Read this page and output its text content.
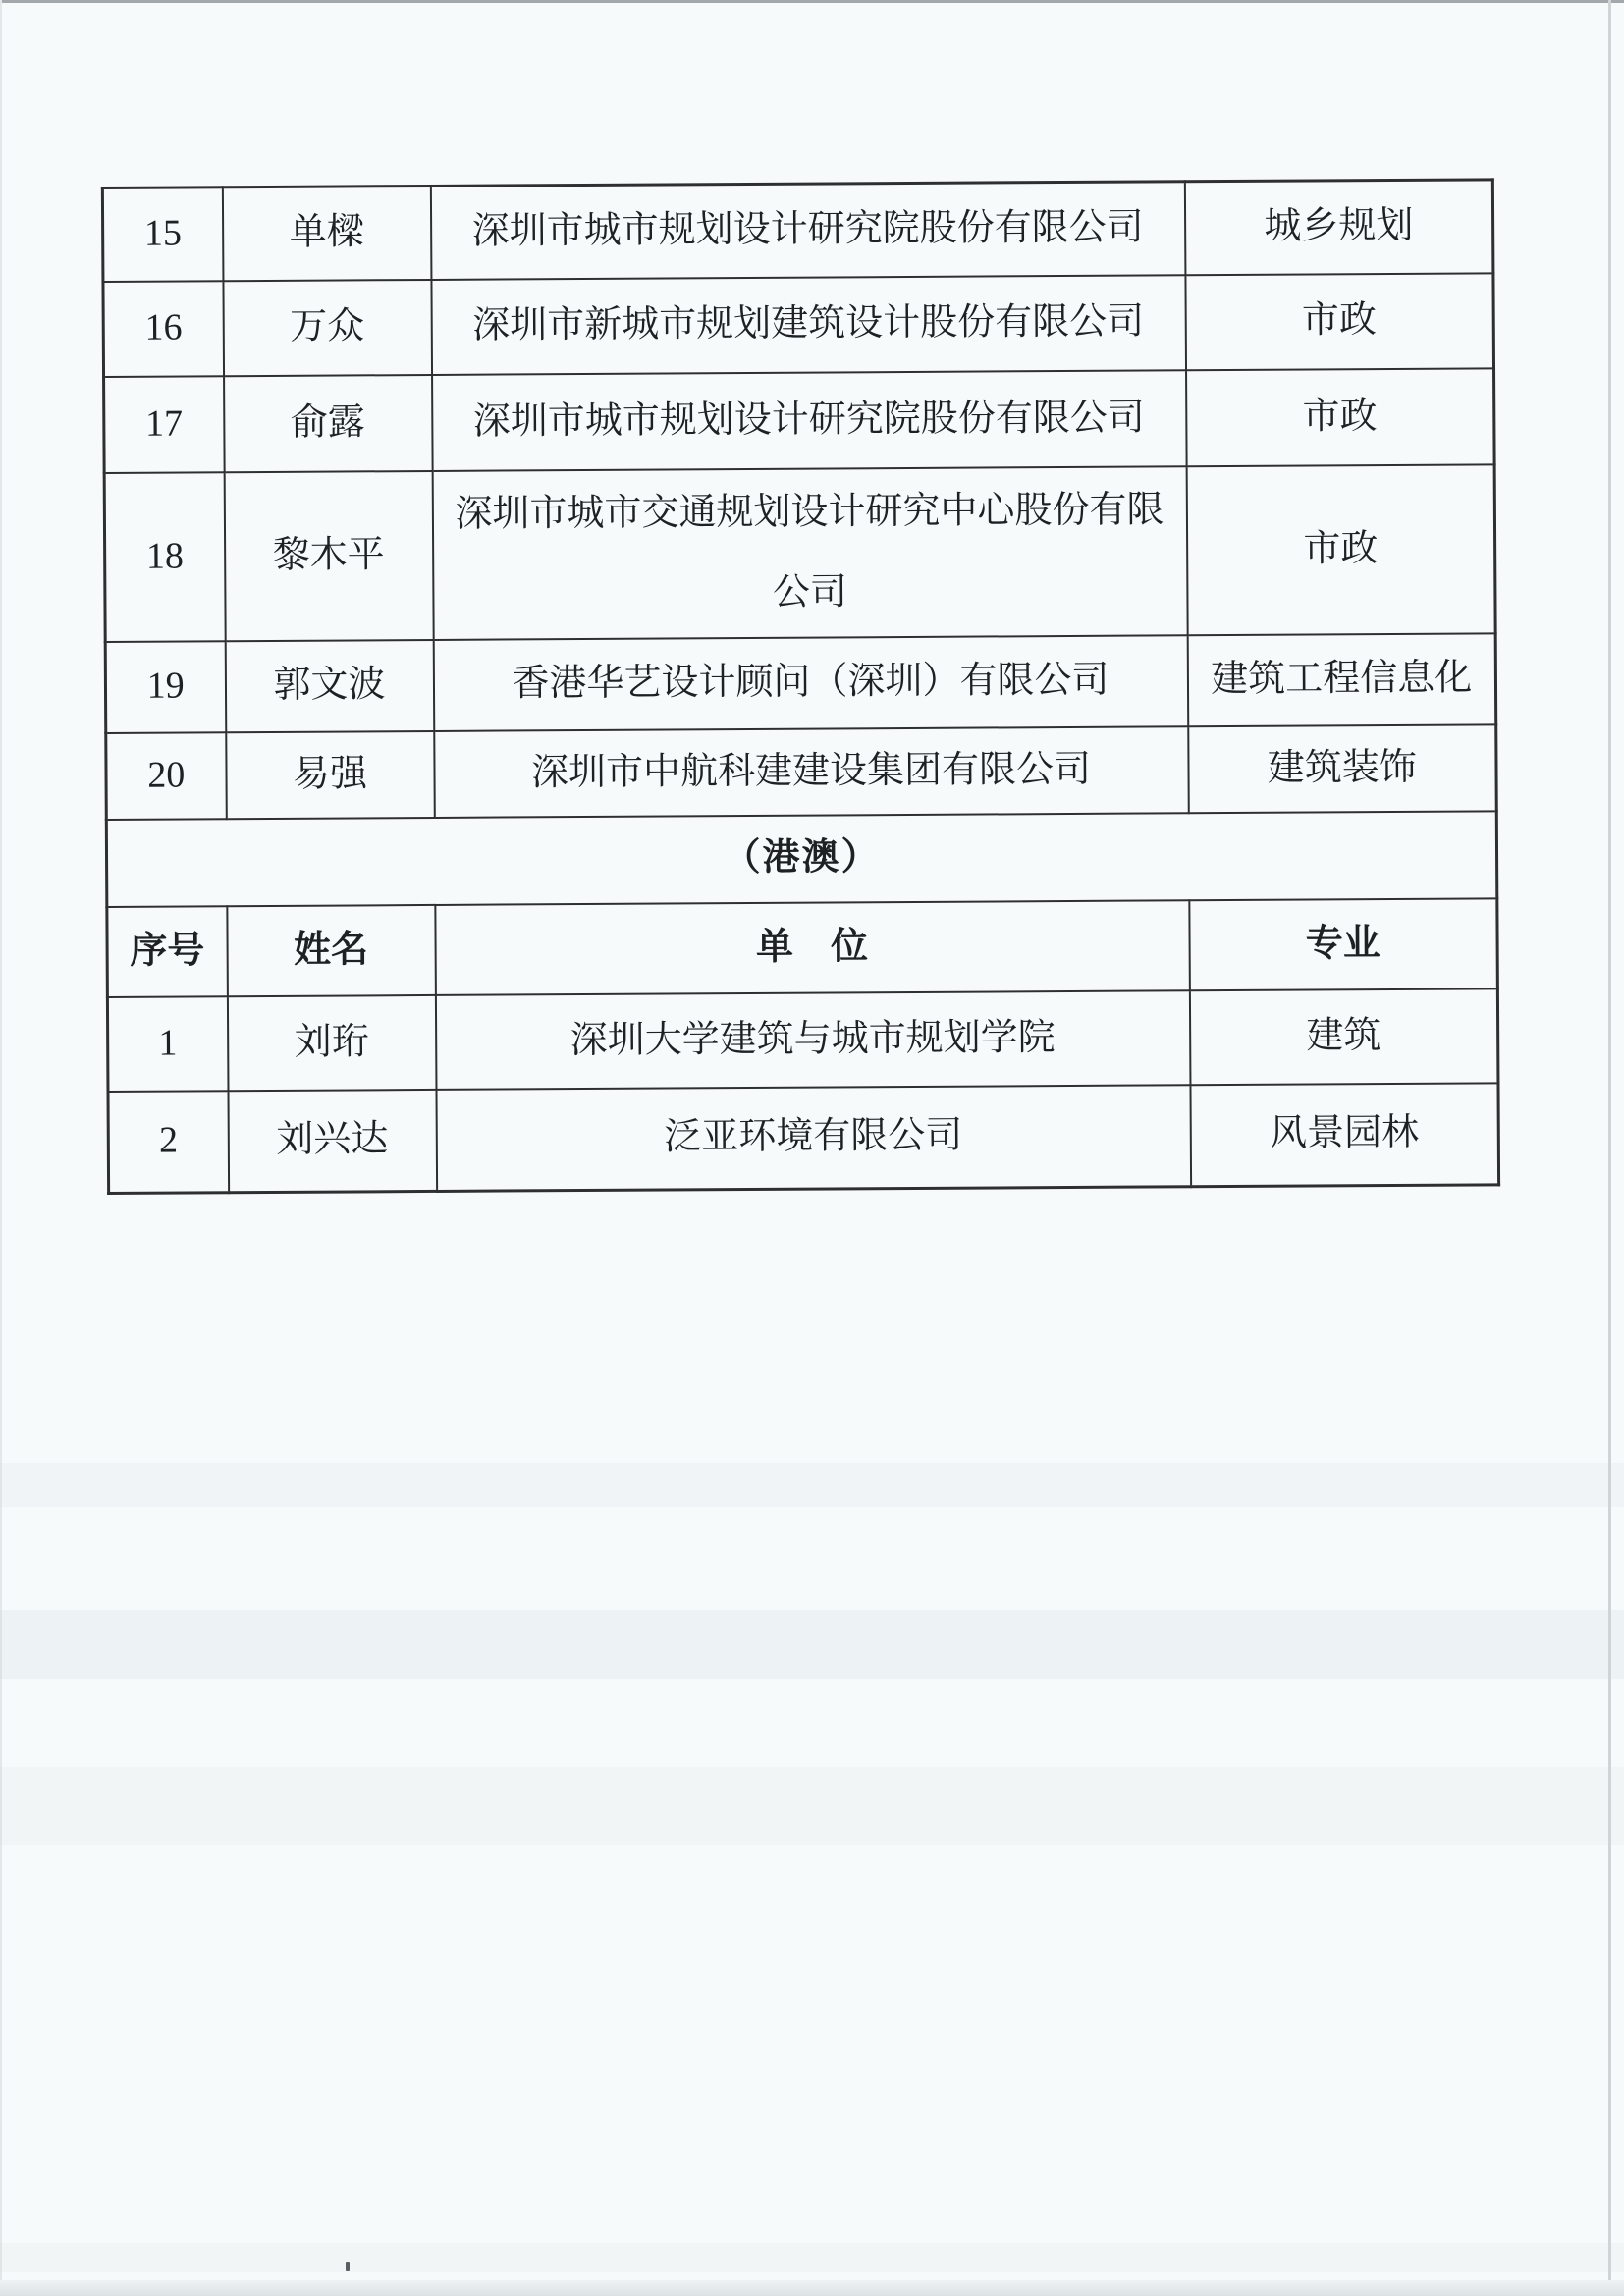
15	单樑	深圳市城市规划设计研究院股份有限公司	城乡规划
16	万众	深圳市新城市规划建筑设计股份有限公司	市政
17	俞露	深圳市城市规划设计研究院股份有限公司	市政
18	黎木平	深圳市城市交通规划设计研究中心股份有限公司	市政
19	郭文波	香港华艺设计顾问（深圳）有限公司	建筑工程信息化
20	易强	深圳市中航科建建设集团有限公司	建筑装饰
（港澳）			
序号	姓名	单　位	专业
1	刘珩	深圳大学建筑与城市规划学院	建筑
2	刘兴达	泛亚环境有限公司	风景园林
